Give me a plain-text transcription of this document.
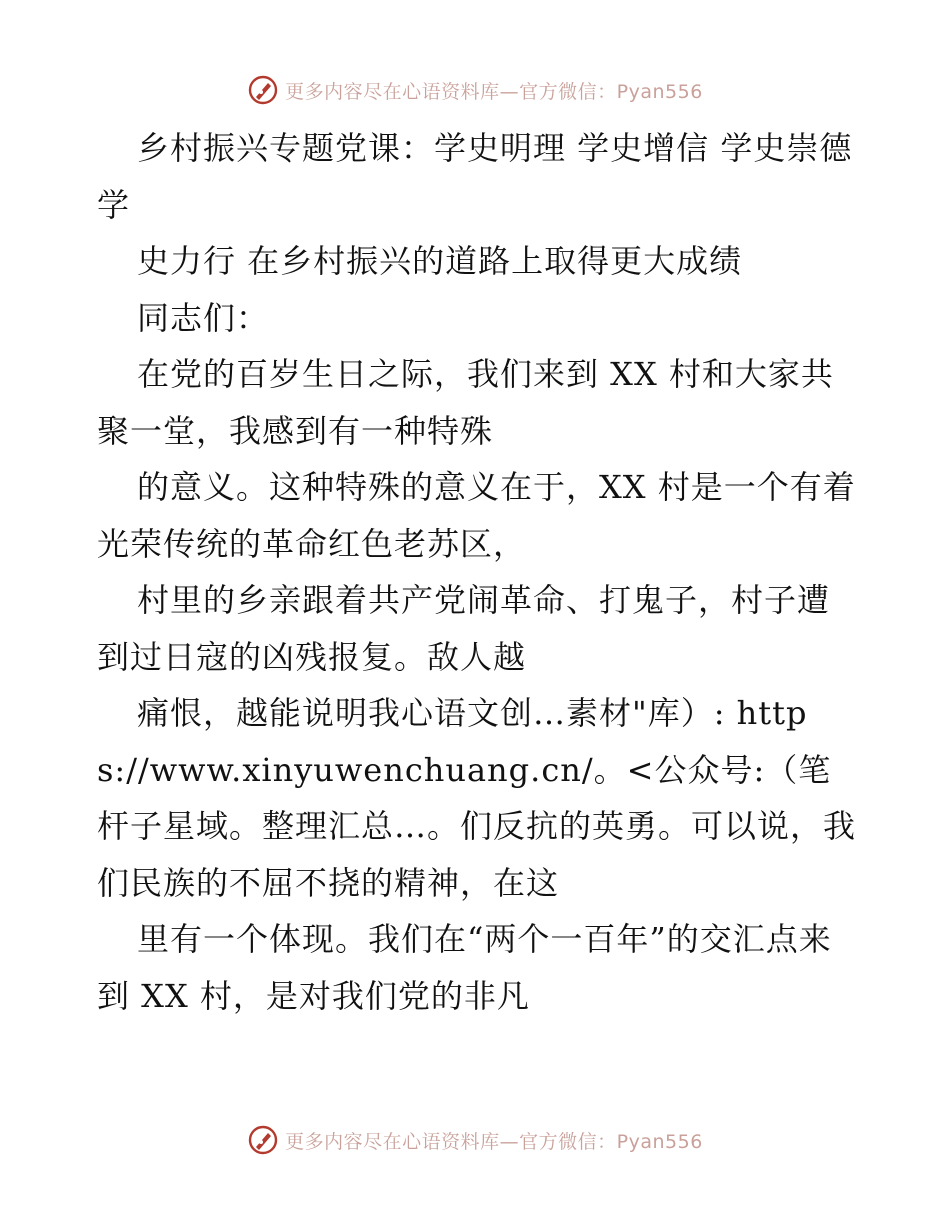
更多内容尽在心语资料库—官方微信：Pyan556

乡村振兴专题党课：学史明理 学史增信 学史崇德 学

史力行 在乡村振兴的道路上取得更大成绩

同志们：

在党的百岁生日之际，我们来到 XX 村和大家共聚一堂，我感到有一种特殊

的意义。这种特殊的意义在于，XX 村是一个有着光荣传统的革命红色老苏区，

村里的乡亲跟着共产党闹革命、打鬼子，村子遭到过日寇的凶残报复。敌人越

痛恨，越能说明我心语文创…素材"库）: https://www.xinyuwenchuang.cn/。<公众号:（笔杆子星域。整理汇总…。们反抗的英勇。可以说，我们民族的不屈不挠的精神，在这

里有一个体现。我们在“两个一百年”的交汇点来到 XX 村，是对我们党的非凡

更多内容尽在心语资料库—官方微信：Pyan556
